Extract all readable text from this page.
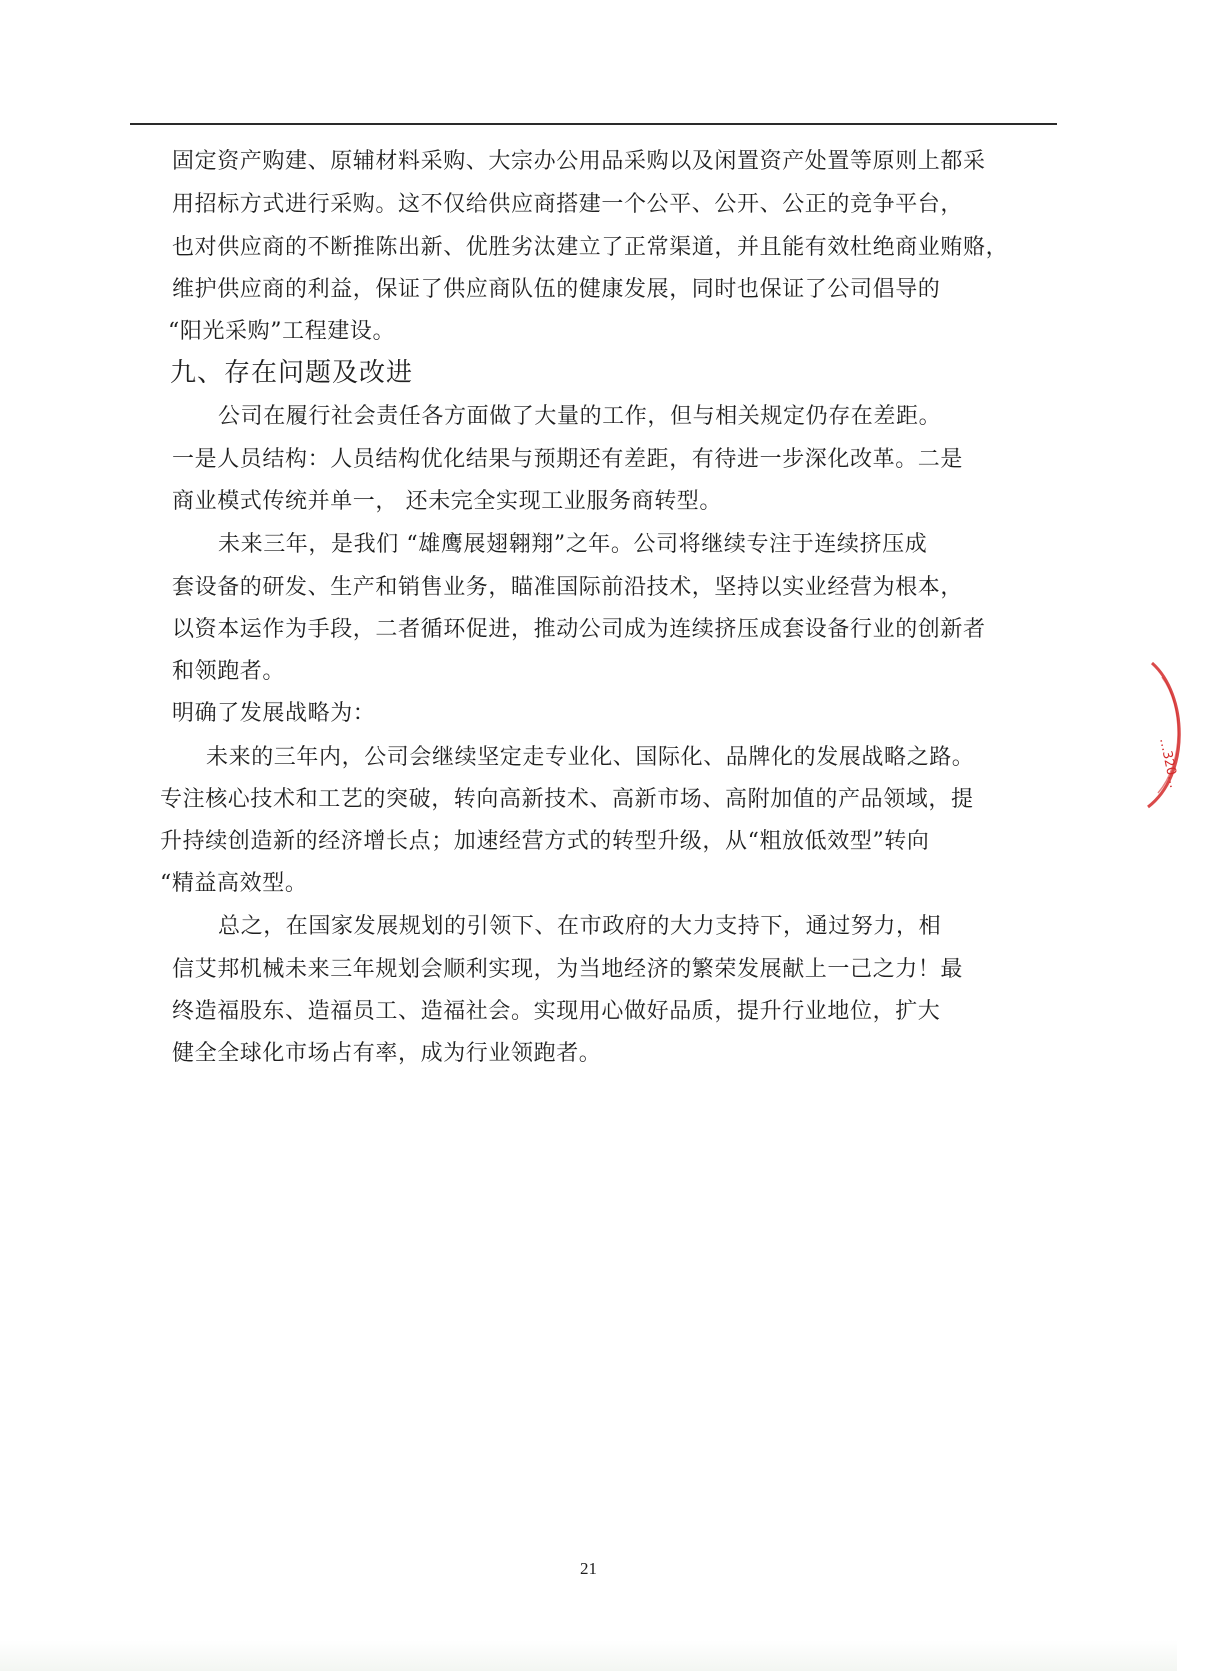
固定资产购建、原辅材料采购、大宗办公用品采购以及闲置资产处置等原则上都采
用招标方式进行采购。这不仅给供应商搭建一个公平、公开、公正的竞争平台，
也对供应商的不断推陈出新、优胜劣汰建立了正常渠道，并且能有效杜绝商业贿赂，
维护供应商的利益，保证了供应商队伍的健康发展，同时也保证了公司倡导的
“阳光采购”工程建设。
九、存在问题及改进
公司在履行社会责任各方面做了大量的工作，但与相关规定仍存在差距。
一是人员结构：人员结构优化结果与预期还有差距，有待进一步深化改革。二是
商业模式传统并单一， 还未完全实现工业服务商转型。
未来三年，是我们 “雄鹰展翅翱翔”之年。公司将继续专注于连续挤压成
套设备的研发、生产和销售业务，瞄准国际前沿技术，坚持以实业经营为根本，
以资本运作为手段，二者循环促进，推动公司成为连续挤压成套设备行业的创新者
和领跑者。
明确了发展战略为：
未来的三年内，公司会继续坚定走专业化、国际化、品牌化的发展战略之路。
专注核心技术和工艺的突破，转向高新技术、高新市场、高附加值的产品领域，提
升持续创造新的经济增长点；加速经营方式的转型升级，从“粗放低效型”转向
“精益高效型。
总之，在国家发展规划的引领下、在市政府的大力支持下，通过努力，相
信艾邦机械未来三年规划会顺利实现，为当地经济的繁荣发展献上一己之力！最
终造福股东、造福员工、造福社会。实现用心做好品质，提升行业地位，扩大
健全全球化市场占有率，成为行业领跑者。
…320…
21
